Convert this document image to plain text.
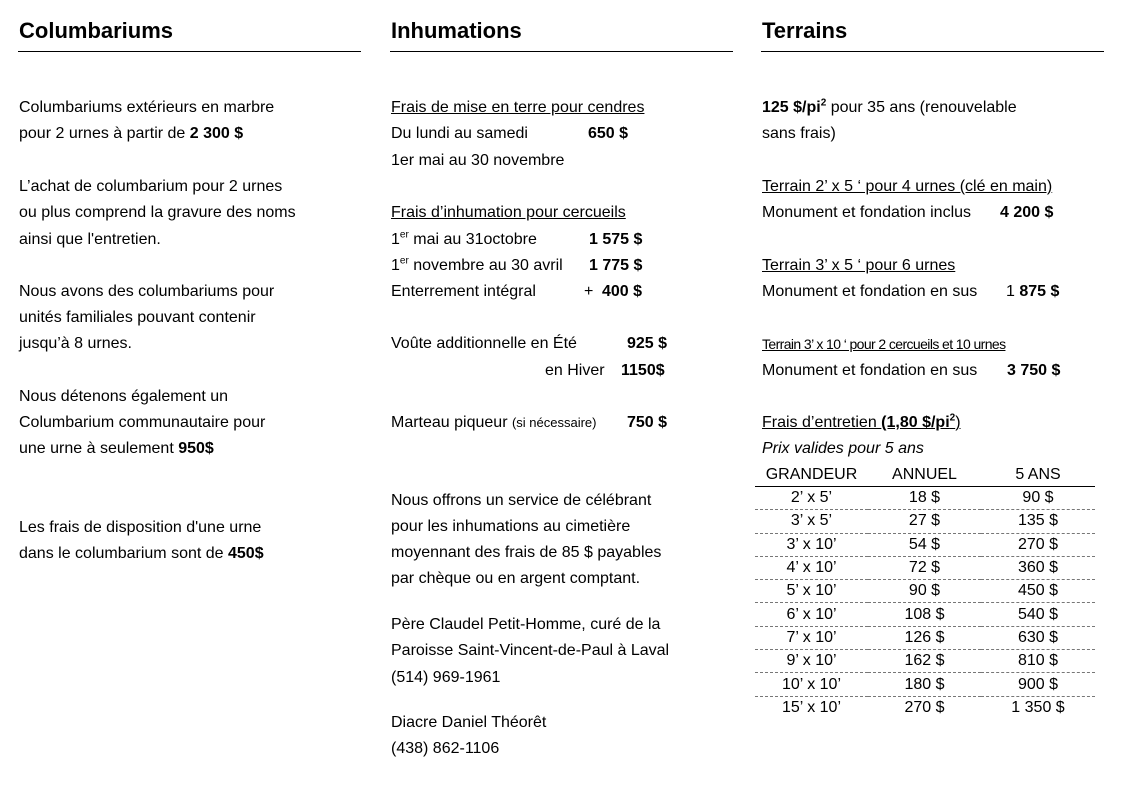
Columbariums
Columbariums extérieurs en marbre
pour 2 urnes à partir de 2 300 $
L’achat de columbarium pour 2 urnes
ou plus comprend la gravure des noms
ainsi que l'entretien.
Nous avons des columbariums pour
unités familiales pouvant contenir
jusqu’à 8 urnes.
Nous détenons également un
Columbarium communautaire pour
une urne à seulement 950$
Les frais de disposition d'une urne
dans le columbarium sont de 450$
Inhumations
Frais de mise en terre pour cendres
Du lundi au samedi	650 $
1er mai au 30 novembre
Frais d’inhumation pour cercueils
1er mai au 31octobre	1 575 $
1er novembre au 30 avril 1 775 $
Enterrement intégral	+ 400 $
Voûte additionnelle en Été	925 $
en Hiver 1150$
Marteau piqueur (si nécessaire) 750 $
Nous offrons un service de célébrant
pour les inhumations au cimetière
moyennant des frais de 85 $ payables
par chèque ou en argent comptant.
Père Claudel Petit-Homme, curé de la
Paroisse Saint-Vincent-de-Paul à Laval
(514) 969-1961
Diacre Daniel Théorêt
(438) 862-1106
Terrains
125 $\$/pi^2$ pour 35 ans (renouvelable
sans frais)
Terrain 2’ x 5 ‘ pour 4 urnes (clé en main)
Monument et fondation inclus 4 200 $
Terrain 3’ x 5 ‘ pour 6 urnes
Monument et fondation en sus 1 875 $
Terrain 3’ x 10 ‘ pour 2 cercueils et 10 urnes
Monument et fondation en sus 3 750 $
Frais d’entretien (1,80 $\$/pi^2$)
Prix valides pour 5 ans
GRANDEUR	ANNUEL	5 ANS
2’ x 5’	18 $	90 $
3’ x 5’	27 $	135 $
3’ x 10’	54 $	270 $
4’ x 10’	72 $	360 $
5’ x 10’	90 $	450 $
6’ x 10’	108 $	540 $
7’ x 10’	126 $	630 $
9’ x 10’	162 $	810 $
10’ x 10’	180 $	900 $
15’ x 10’	270 $	1 350 $
